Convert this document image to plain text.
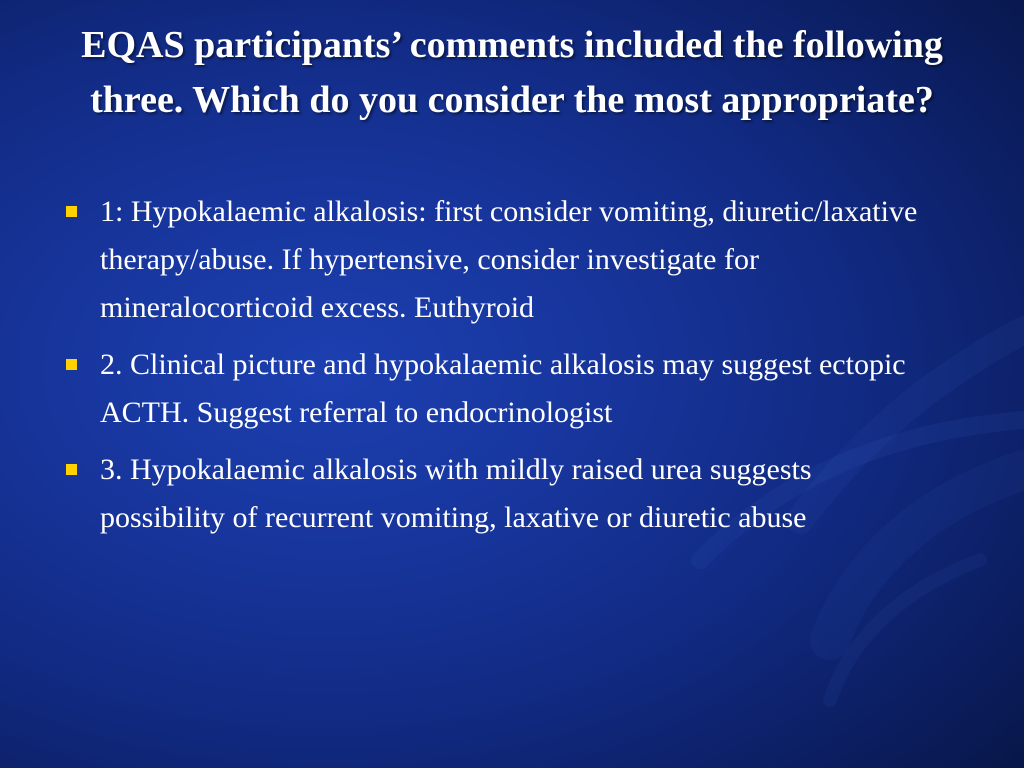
EQAS participants’ comments included the following three. Which do you consider the most appropriate?
1: Hypokalaemic alkalosis: first consider vomiting, diuretic/laxative therapy/abuse. If hypertensive, consider investigate for mineralocorticoid excess. Euthyroid
2. Clinical picture and hypokalaemic alkalosis may suggest ectopic ACTH. Suggest referral to endocrinologist
3. Hypokalaemic alkalosis with mildly raised urea suggests possibility of recurrent vomiting, laxative or diuretic abuse
